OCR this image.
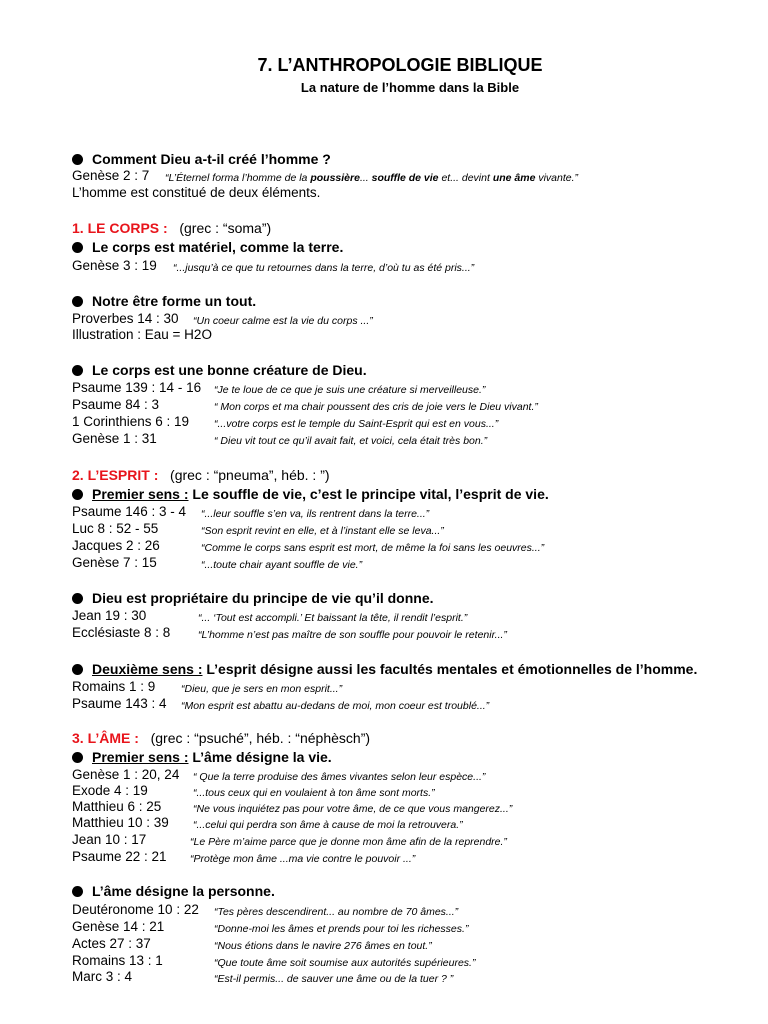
7. L’ANTHROPOLOGIE BIBLIQUE
La nature de l’homme dans la Bible
Comment Dieu a-t-il créé l’homme ?
Genèse 2 : 7 “L’Éternel forma l’homme de la poussière... souffle de vie et... devint une âme vivante.”
L’homme est constitué de deux éléments.
1. LE CORPS : (grec : “soma”)
Le corps est matériel, comme la terre.
Genèse 3 : 19 “...jusqu’à ce que tu retournes dans la terre, d’où tu as été pris...”
Notre être forme un tout.
Proverbes 14 : 30 “Un coeur calme est la vie du corps ...”
Illustration : Eau = H2O
Le corps est une bonne créature de Dieu.
Psaume 139 : 14 - 16 “Je te loue de ce que je suis une créature si merveilleuse.”
Psaume 84 : 3	“ Mon corps et ma chair poussent des cris de joie vers le Dieu vivant.”
1 Corinthiens 6 : 19 “...votre corps est le temple du Saint-Esprit qui est en vous...”
Genèse 1 : 31	“ Dieu vit tout ce qu’il avait fait, et voici, cela était très bon.”
2. L’ESPRIT : (grec : “pneuma”, héb. : ”)
Premier sens : Le souffle de vie, c’est le principe vital, l’esprit de vie.
Psaume 146 : 3 - 4 “...leur souffle s’en va, ils rentrent dans la terre...”
Luc 8 : 52 - 55	“Son esprit revint en elle, et à l’instant elle se leva...”
Jacques 2 : 26	“Comme le corps sans esprit est mort, de même la foi sans les oeuvres...”
Genèse 7 : 15	“...toute chair ayant souffle de vie.”
Dieu est propriétaire du principe de vie qu’il donne.
Jean 19 : 30	“... ‘Tout est accompli.’ Et baissant la tête, il rendit l’esprit.”
Ecclésiaste 8 : 8	“L’homme n’est pas maître de son souffle pour pouvoir le retenir...”
Deuxième sens : L’esprit désigne aussi les facultés mentales et émotionnelles de l’homme.
Romains 1 : 9 “Dieu, que je sers en mon esprit...”
Psaume 143 : 4 “Mon esprit est abattu au-dedans de moi, mon coeur est troublé...”
3. L’ÂME : (grec : “psuché”, héb. : “néphèsch”)
Premier sens : L’âme désigne la vie.
Genèse 1 : 20, 24 “ Que la terre produise des âmes vivantes selon leur espèce...”
Exode 4 : 19	“...tous ceux qui en voulaient à ton âme sont morts.”
Matthieu 6 : 25	“Ne vous inquiétez pas pour votre âme, de ce que vous mangerez...”
Matthieu 10 : 39 “...celui qui perdra son âme à cause de moi la retrouvera.”
Jean 10 : 17	“Le Père m’aime parce que je donne mon âme afin de la reprendre.”
Psaume 22 : 21 “Protège mon âme ...ma vie contre le pouvoir ...”
L’âme désigne la personne.
Deutéronome 10 : 22 “Tes pères descendirent... au nombre de 70 âmes...”
Genèse 14 : 21	“Donne-moi les âmes et prends pour toi les richesses.”
Actes 27 : 37	“Nous étions dans le navire 276 âmes en tout.”
Romains 13 : 1	“Que toute âme soit soumise aux autorités supérieures.”
Marc 3 : 4	“Est-il permis... de sauver une âme ou de la tuer ? ”
